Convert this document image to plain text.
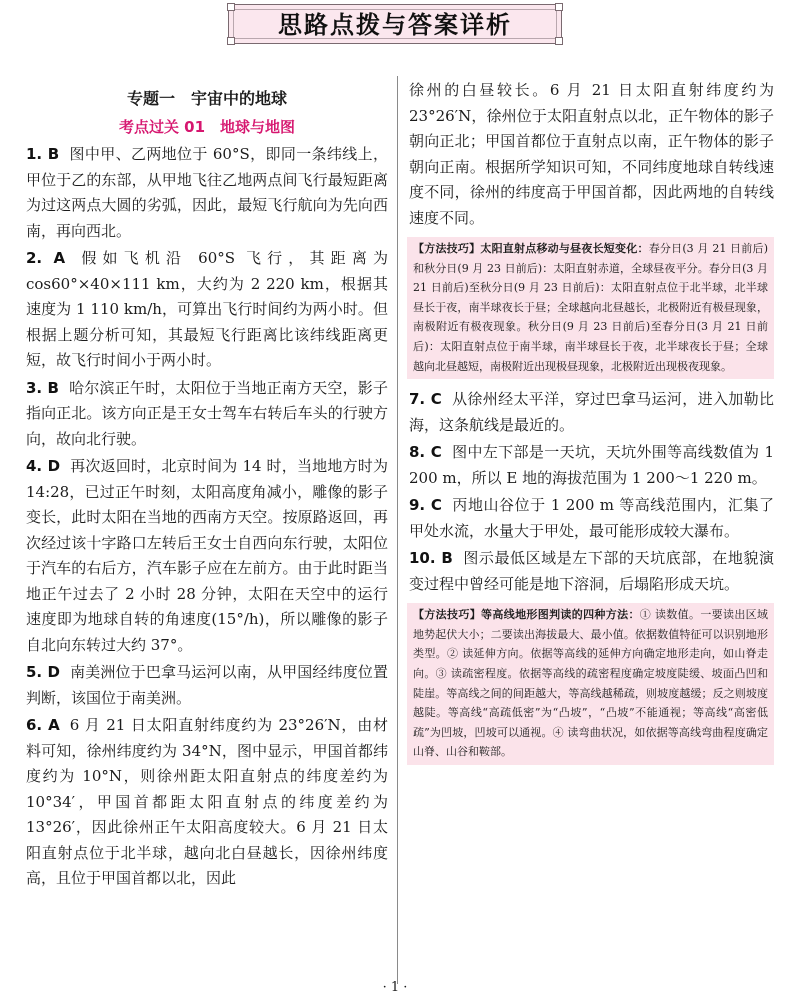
思路点拨与答案详析
专题一　宇宙中的地球
考点过关 01　地球与地图

1. B 图中甲、乙两地位于 60°S，即同一条纬线上，甲位于乙的东部，从甲地飞往乙地两点间飞行最短距离为过这两点大圆的劣弧，因此，最短飞行航向为先向西南，再向西北。

2. A 假如飞机沿 60°S 飞行，其距离为 cos60°×40×111 km，大约为 2 220 km，根据其速度为 1 110 km/h，可算出飞行时间约为两小时。但根据上题分析可知，其最短飞行距离比该纬线距离更短，故飞行时间小于两小时。

3. B 哈尔滨正午时，太阳位于当地正南方天空，影子指向正北。该方向正是王女士驾车右转后车头的行驶方向，故向北行驶。

4. D 再次返回时，北京时间为 14 时，当地地方时为 14:28，已过正午时刻，太阳高度角减小，雕像的影子变长，此时太阳在当地的西南方天空。按原路返回，再次经过该十字路口左转后王女士自西向东行驶，太阳位于汽车的右后方，汽车影子应在左前方。由于此时距当地正午过去了 2 小时 28 分钟，太阳在天空中的运行速度即为地球自转的角速度(15°/h)，所以雕像的影子自北向东转过大约 37°。

5. D 南美洲位于巴拿马运河以南，从甲国经纬度位置判断，该国位于南美洲。

6. A 6 月 21 日太阳直射纬度约为 23°26′N，由材料可知，徐州纬度约为 34°N，图中显示，甲国首都纬度约为 10°N，则徐州距太阳直射点的纬度差约为 10°34′，甲国首都距太阳直射点的纬度差约为 13°26′，因此徐州正午太阳高度较大。6 月 21 日太阳直射点位于北半球，越向北白昼越长，因徐州纬度高，且位于甲国首都以北，因此

徐州的白昼较长。6 月 21 日太阳直射纬度约为 23°26′N，徐州位于太阳直射点以北，正午物体的影子朝向正北；甲国首都位于直射点以南，正午物体的影子朝向正南。根据所学知识可知，不同纬度地球自转线速度不同，徐州的纬度高于甲国首都，因此两地的自转线速度不同。

【方法技巧】太阳直射点移动与昼夜长短变化：春分日(3 月 21 日前后)和秋分日(9 月 23 日前后)：太阳直射赤道，全球昼夜平分。春分日(3 月 21 日前后)至秋分日(9 月 23 日前后)：太阳直射点位于北半球，北半球昼长于夜，南半球夜长于昼；全球越向北昼越长，北极附近有极昼现象，南极附近有极夜现象。秋分日(9 月 23 日前后)至春分日(3 月 21 日前后)：太阳直射点位于南半球，南半球昼长于夜，北半球夜长于昼；全球越向北昼越短，南极附近出现极昼现象，北极附近出现极夜现象。

7. C 从徐州经太平洋，穿过巴拿马运河，进入加勒比海，这条航线是最近的。

8. C 图中左下部是一天坑，天坑外围等高线数值为 1 200 m，所以 E 地的海拔范围为 1 200～1 220 m。

9. C 丙地山谷位于 1 200 m 等高线范围内，汇集了甲处水流，水量大于甲处，最可能形成较大瀑布。

10. B 图示最低区域是左下部的天坑底部，在地貌演变过程中曾经可能是地下溶洞，后塌陷形成天坑。

【方法技巧】等高线地形图判读的四种方法：① 读数值。一要读出区域地势起伏大小；二要读出海拔最大、最小值。依据数值特征可以识别地形类型。② 读延伸方向。依据等高线的延伸方向确定地形走向，如山脊走向。③ 读疏密程度。依据等高线的疏密程度确定坡度陡缓、坡面凸凹和陡崖。等高线之间的间距越大，等高线越稀疏，则坡度越缓；反之则坡度越陡。等高线“高疏低密”为“凸坡”，“凸坡”不能通视；等高线“高密低疏”为凹坡，凹坡可以通视。④ 读弯曲状况，如依据等高线弯曲程度确定山脊、山谷和鞍部。
· 1 ·
